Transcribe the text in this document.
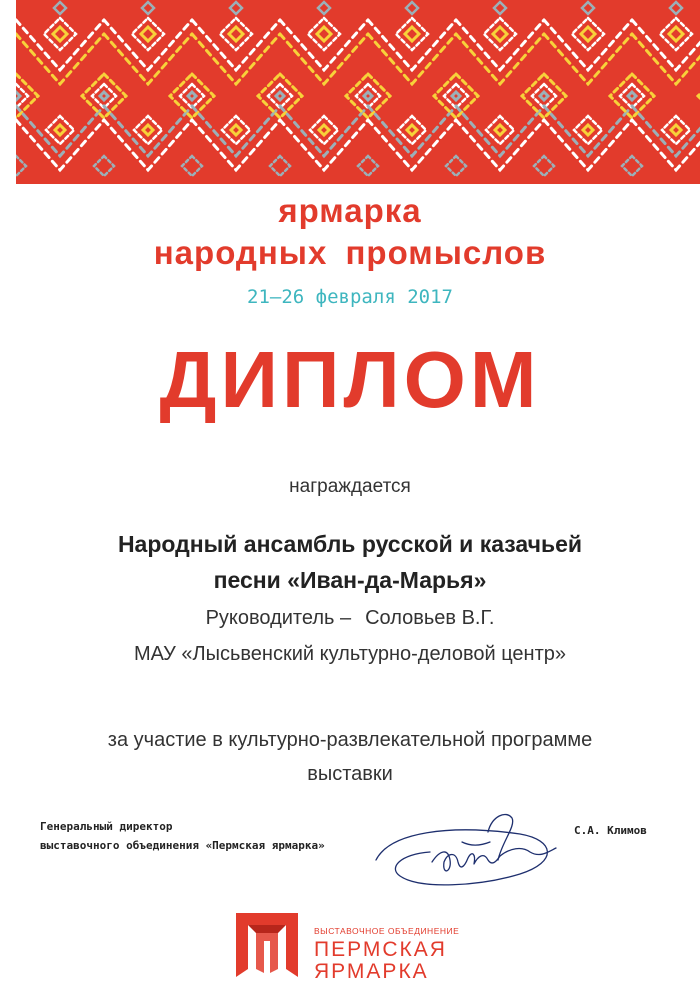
ярмарка
народных промыслов
21–26 февраля 2017
ДИПЛОМ
награждается
Народный ансамбль русской и казачьей
песни «Иван-да-Марья»
Руководитель – Соловьев В.Г.
МАУ «Лысьвенский культурно-деловой центр»
за участие в культурно-развлекательной программе
выставки
Генеральный директор
выставочного объединения «Пермская ярмарка»
С.А. Климов
ВЫСТАВОЧНОЕ ОБЪЕДИНЕНИЕ
ПЕРМСКАЯ
ЯРМАРКА
